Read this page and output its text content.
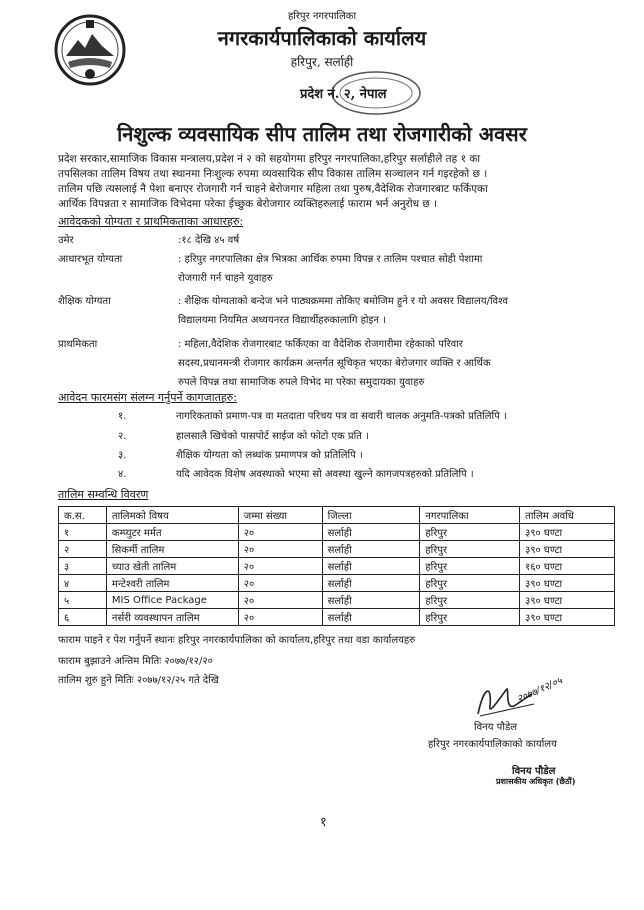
हरिपुर नगरपालिका
नगरकार्यपालिकाको कार्यालय
हरिपुर, सर्लाही
प्रदेश नं. २, नेपाल
निशुल्क व्यवसायिक सीप तालिम तथा रोजगारीको अवसर
प्रदेश सरकार,सामाजिक विकास मन्त्रालय,प्रदेश नं २ को सहयोगमा हरिपुर नगरपालिका,हरिपुर सर्लाहीले तह १ का
तपसिलका तालिम विषय तथा स्थानमा निःशुल्क रुपमा व्यवसायिक सीप विकास तालिम सञ्चालन गर्न गइरहेको छ ।
तालिम पछि त्यसलाई नै पेशा बनाएर रोजगारी गर्न चाहने बेरोजगार महिला तथा पुरुष,वैदेशिक रोजगारबाट फर्किएका
आर्थिक विपन्नता र सामाजिक विभेदमा परेका ईच्छुक बेरोजगार व्यक्तिहरुलाई फाराम भर्न अनुरोध छ ।
आवेदकको योग्यता र प्राथमिकताका आधारहरु:
उमेर	:१८ देखि ४५ वर्ष
आधारभूत योग्यता	: हरिपुर नगरपालिका क्षेत्र भित्रका आर्थिक रुपमा विपन्न र तालिम पश्चात सोही पेशामा
रोजगारी गर्न चाहने युवाहरु
शैक्षिक योग्यता	: शैक्षिक योग्यताको बन्देज भने पाठ्यक्रममा तोकिए बमोजिम हुने र यो अवसर विद्यालय/विश्व
विद्यालयमा नियमित अध्ययनरत विद्यार्थीहरुकालागि होइन ।
प्राथमिकता	: महिला,वैदेशिक रोजगारबाट फर्किएका वा वैदेशिक रोजगारीमा रहेकाको परिवार
सदस्य,प्रधानमन्त्री रोजगार कार्यक्रम अन्तर्गत सूचिकृत भएका बेरोजगार व्यक्ति र आर्थिक
रुपले विपन्न तथा सामाजिक रुपले विभेद मा परेका समुदायका युवाहरु
आवेदन फारमसंग संलग्न गर्नुपर्ने कागजातहरु:
१.	नागरिकताको प्रमाण-पत्र वा मतदाता परिचय पत्र वा सवारी चालक अनुमति-पत्रको प्रतिलिपि ।
२.	हालसालै खिचेको पासपोर्ट साईज को फोटो एक प्रति ।
३.	शैक्षिक योग्यता को लब्धांक प्रमाणपत्र को प्रतिलिपि ।
४.	यदि आवेदक विशेष अवस्थाको भएमा सो अवस्था खुल्ने कागजपत्रहरुको प्रतिलिपि ।
तालिम सम्वन्धि विवरण
क.स.	तालिमको विषय	जम्मा संख्या	जिल्ला	नगरपालिका	तालिम अवधि
१	कम्प्युटर मर्मत	२०	सर्लाही	हरिपुर	३९० घण्टा
२	सिकर्मी तालिम	२०	सर्लाही	हरिपुर	३९० घण्टा
३	च्याउ खेती तालिम	२०	सर्लाही	हरिपुर	१६० घण्टा
४	मन्टेश्वरी तालिम	२०	सर्लाही	हरिपुर	३९० घण्टा
५	MIS Office Package	२०	सर्लाही	हरिपुर	३९० घण्टा
६	नर्सरी व्यवस्थापन तालिम	२०	सर्लाही	हरिपुर	३९० घण्टा
फाराम पाइने र पेश गर्नुपर्ने स्थानः हरिपुर नगरकार्यपालिका को कार्यालय,हरिपुर तथा वडा कार्यालयहरु
फाराम बुझाउने अन्तिम मितिः २०७७/१२/२०
तालिम शुरु हुने मितिः २०७७/१२/२५ गते देखि	२०७७/१२/०५
विनय पौडेल
हरिपुर नगरकार्यपालिकाको कार्यालय
विनय पौडेल
प्रशासकीय अधिकृत (छैठौं)
१
